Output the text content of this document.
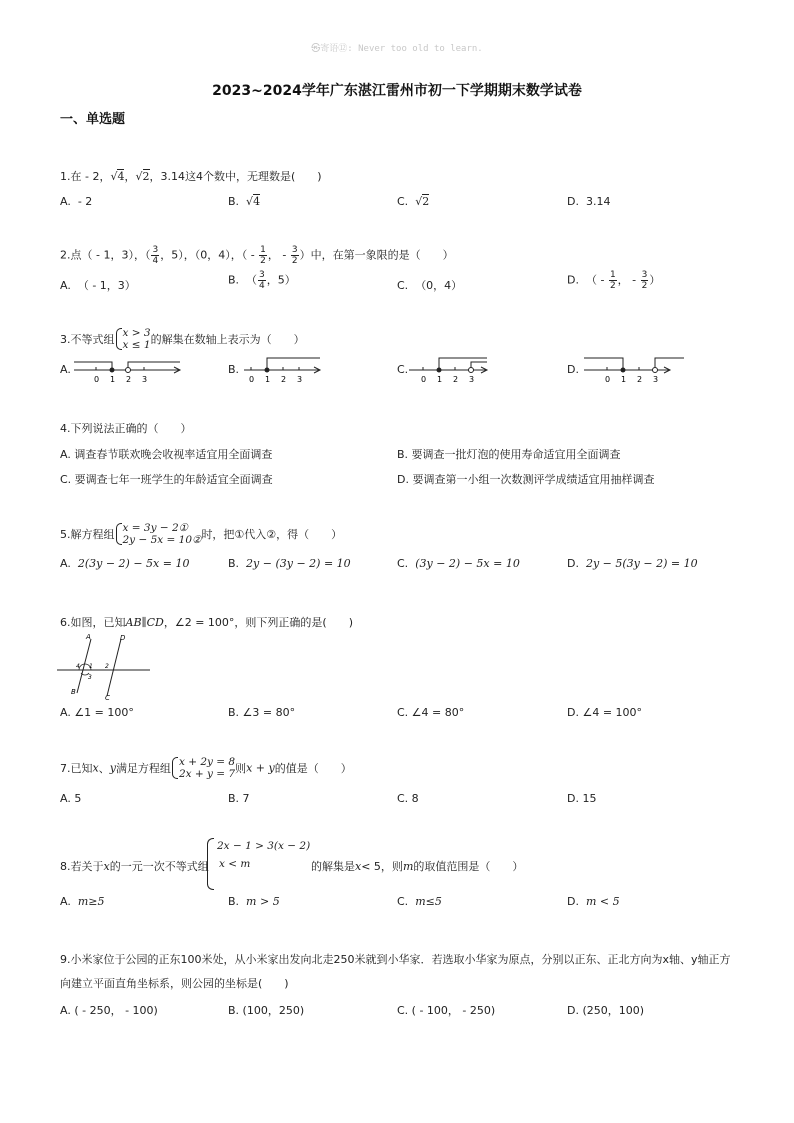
㉿寄语⑫: Never too old to learn.
2023~2024学年广东湛江雷州市初一下学期期末数学试卷
一、单选题
1.在 - 2，√4，√2，3.14这4个数中，无理数是(　　)
A. - 2	B. √4	C. √2	D. 3.14
2.点（ - 1，3），（ $\frac{3}{4}$ ，5），（0，4），（ - $\frac{1}{2}$ ， - $\frac{3}{2}$ ）中，在第一象限的是（　　）
A. （ - 1，3）	B. （ $\frac{3}{4}$ ，5）	C. （0，4）	D. （ - $\frac{1}{2}$ ， - $\frac{3}{2}$ ）
3.不等式组 x > 3
x ≤ 1 的解集在数轴上表示为（　　）
A.
0 1 2 3
B.
0 1 2 3
C.
0 1 2 3
D.
0 1 2 3
4.下列说法正确的（　　）
A. 调查春节联欢晚会收视率适宜用全面调查	B. 要调查一批灯泡的使用寿命适宜用全面调查
C. 要调查七年一班学生的年龄适宜全面调查	D. 要调查第一小组一次数测评学成绩适宜用抽样调查
5.解方程组 x = 3y − 2①
2y − 5x = 10② 时，把①代入②，得（　　）
A. 2(3y − 2) − 5x = 10	B. 2y − (3y − 2) = 10	C. (3y − 2) − 5x = 10	D. 2y − 5(3y − 2) = 10
6.如图，已知AB∥CD，∠2 = 100°，则下列正确的是(　　)
A	D
B
C
1 2
3
4
A. ∠1 = 100°	B. ∠3 = 80°	C. ∠4 = 80°	D. ∠4 = 100°
7.已知x、y满足方程组 x + 2y = 8
2x + y = 7 则x + y的值是（　　）
A. 5	B. 7	C. 8	D. 15
8.若关于x的一元一次不等式组
2x − 1 > 3(x − 2)
x < m	的解集是x< 5，则m的取值范围是（　　）
A. m≥5	B. m > 5	C. m≤5	D. m < 5
9.小米家位于公园的正东100米处，从小米家出发向北走250米就到小华家．若选取小华家为原点，分别以正东、正北方向为x轴、y轴正方
向建立平面直角坐标系，则公园的坐标是(　　)
A. ( - 250， - 100)	B. (100，250)	C. ( - 100， - 250)	D. (250，100)
